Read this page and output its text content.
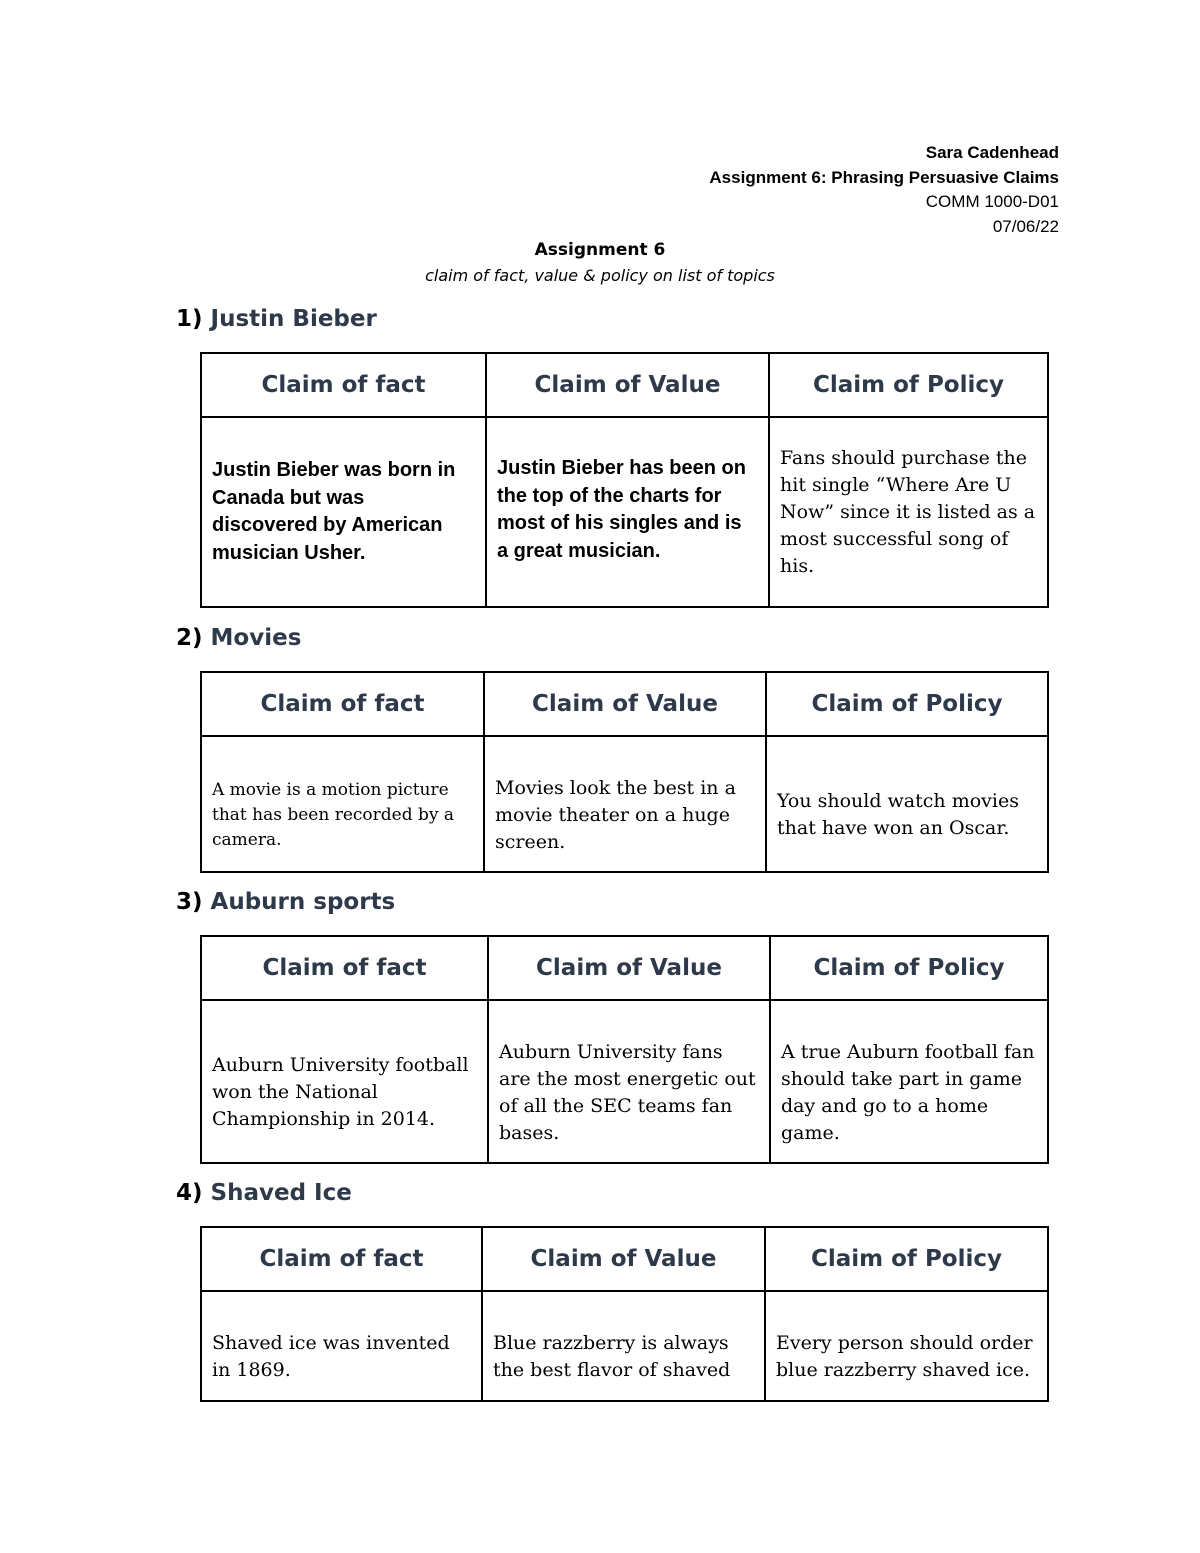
Sara Cadenhead
Assignment 6: Phrasing Persuasive Claims
COMM 1000-D01
07/06/22
Assignment 6
claim of fact, value & policy on list of topics
1) Justin Bieber
Claim of fact	Claim of Value	Claim of Policy
Justin Bieber was born in Canada but was discovered by American musician Usher.	Justin Bieber has been on the top of the charts for most of his singles and is a great musician.	Fans should purchase the hit single “Where Are U Now” since it is listed as a most successful song of his.
2) Movies
Claim of fact	Claim of Value	Claim of Policy
A movie is a motion picture that has been recorded by a camera.	Movies look the best in a movie theater on a huge screen.	You should watch movies that have won an Oscar.
3) Auburn sports
Claim of fact	Claim of Value	Claim of Policy
Auburn University football won the National Championship in 2014.	Auburn University fans are the most energetic out of all the SEC teams fan bases.	A true Auburn football fan should take part in game day and go to a home game.
4) Shaved Ice
Claim of fact	Claim of Value	Claim of Policy
Shaved ice was invented in 1869.	Blue razzberry is always the best flavor of shaved	Every person should order blue razzberry shaved ice.
